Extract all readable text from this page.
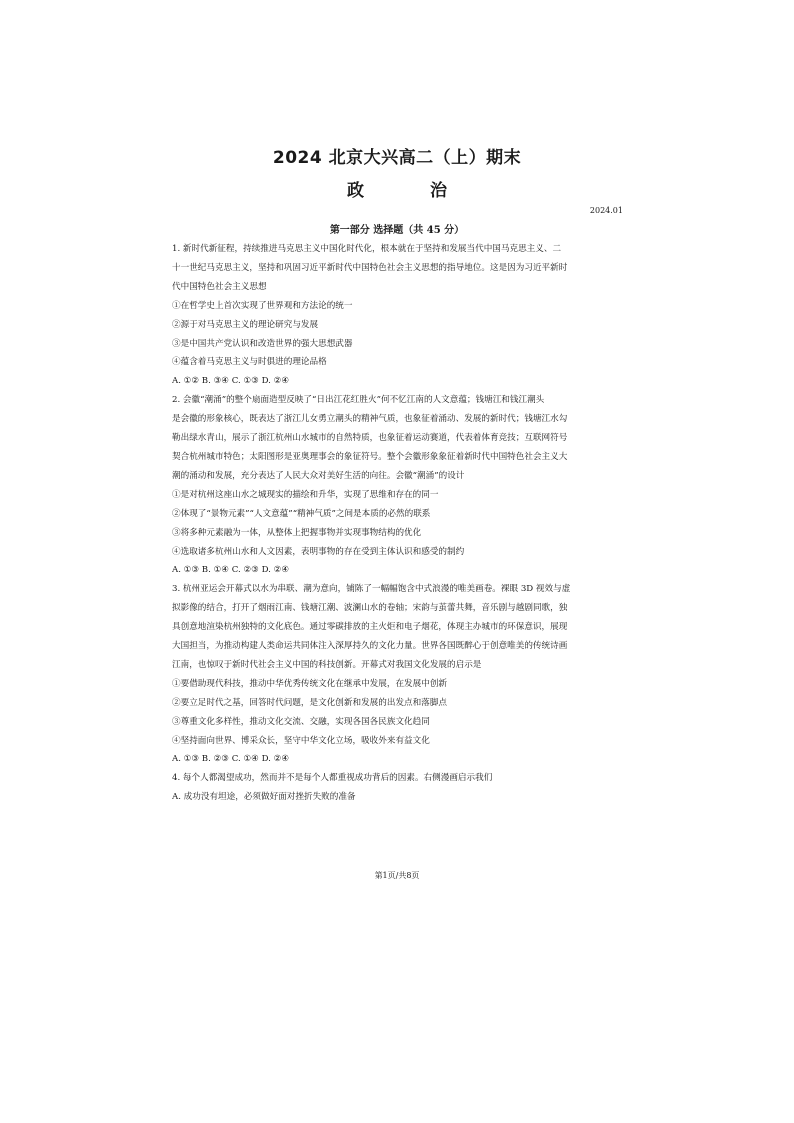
2024 北京大兴高二（上）期末
政 治
2024.01
第一部分 选择题（共 45 分）
1. 新时代新征程，持续推进马克思主义中国化时代化，根本就在于坚持和发展当代中国马克思主义、二
十一世纪马克思主义，坚持和巩固习近平新时代中国特色社会主义思想的指导地位。这是因为习近平新时
代中国特色社会主义思想
①在哲学史上首次实现了世界观和方法论的统一
②源于对马克思主义的理论研究与发展
③是中国共产党认识和改造世界的强大思想武器
④蕴含着马克思主义与时俱进的理论品格
A. ①② B. ③④ C. ①③ D. ②④
2. 会徽“潮涌”的整个扇面造型反映了“日出江花红胜火”何不忆江南的人文意蕴；钱塘江和钱江潮头
是会徽的形象核心，既表达了浙江儿女勇立潮头的精神气质，也象征着涌动、发展的新时代；钱塘江水勾
勒出绿水青山，展示了浙江杭州山水城市的自然特质，也象征着运动赛道，代表着体育竞技；互联网符号
契合杭州城市特色；太阳图形是亚奥理事会的象征符号。整个会徽形象象征着新时代中国特色社会主义大
潮的涌动和发展，充分表达了人民大众对美好生活的向往。会徽“潮涌”的设计
①是对杭州这座山水之城现实的描绘和升华，实现了思维和存在的同一
②体现了“景物元素”“人文意蕴”“精神气质”之间是本质的必然的联系
③将多种元素融为一体，从整体上把握事物并实现事物结构的优化
④选取诸多杭州山水和人文因素，表明事物的存在受到主体认识和感受的制约
A. ①③ B. ①④ C. ②③ D. ②④
3. 杭州亚运会开幕式以水为串联、潮为意向，铺陈了一幅幅饱含中式浪漫的唯美画卷。裸眼 3D 视效与虚
拟影像的结合，打开了烟雨江南、钱塘江潮、波澜山水的卷轴；宋韵与茧蕾共舞，音乐剧与越剧同歌，独
具创意地渲染杭州独特的文化底色。通过零碳排放的主火炬和电子烟花，体现主办城市的环保意识，展现
大国担当，为推动构建人类命运共同体注入深厚持久的文化力量。世界各国既醉心于创意唯美的传统诗画
江南，也惊叹于新时代社会主义中国的科技创新。开幕式对我国文化发展的启示是
①要借助现代科技，推动中华优秀传统文化在继承中发展，在发展中创新
②要立足时代之基，回答时代问题，是文化创新和发展的出发点和落脚点
③尊重文化多样性，推动文化交流、交融，实现各国各民族文化趋同
④坚持面向世界、博采众长，坚守中华文化立场，吸收外来有益文化
A. ①③ B. ②③ C. ①④ D. ②④
4. 每个人都渴望成功，然而并不是每个人都重视成功背后的因素。右侧漫画启示我们
A. 成功没有坦途，必须做好面对挫折失败的准备
第1页/共8页
